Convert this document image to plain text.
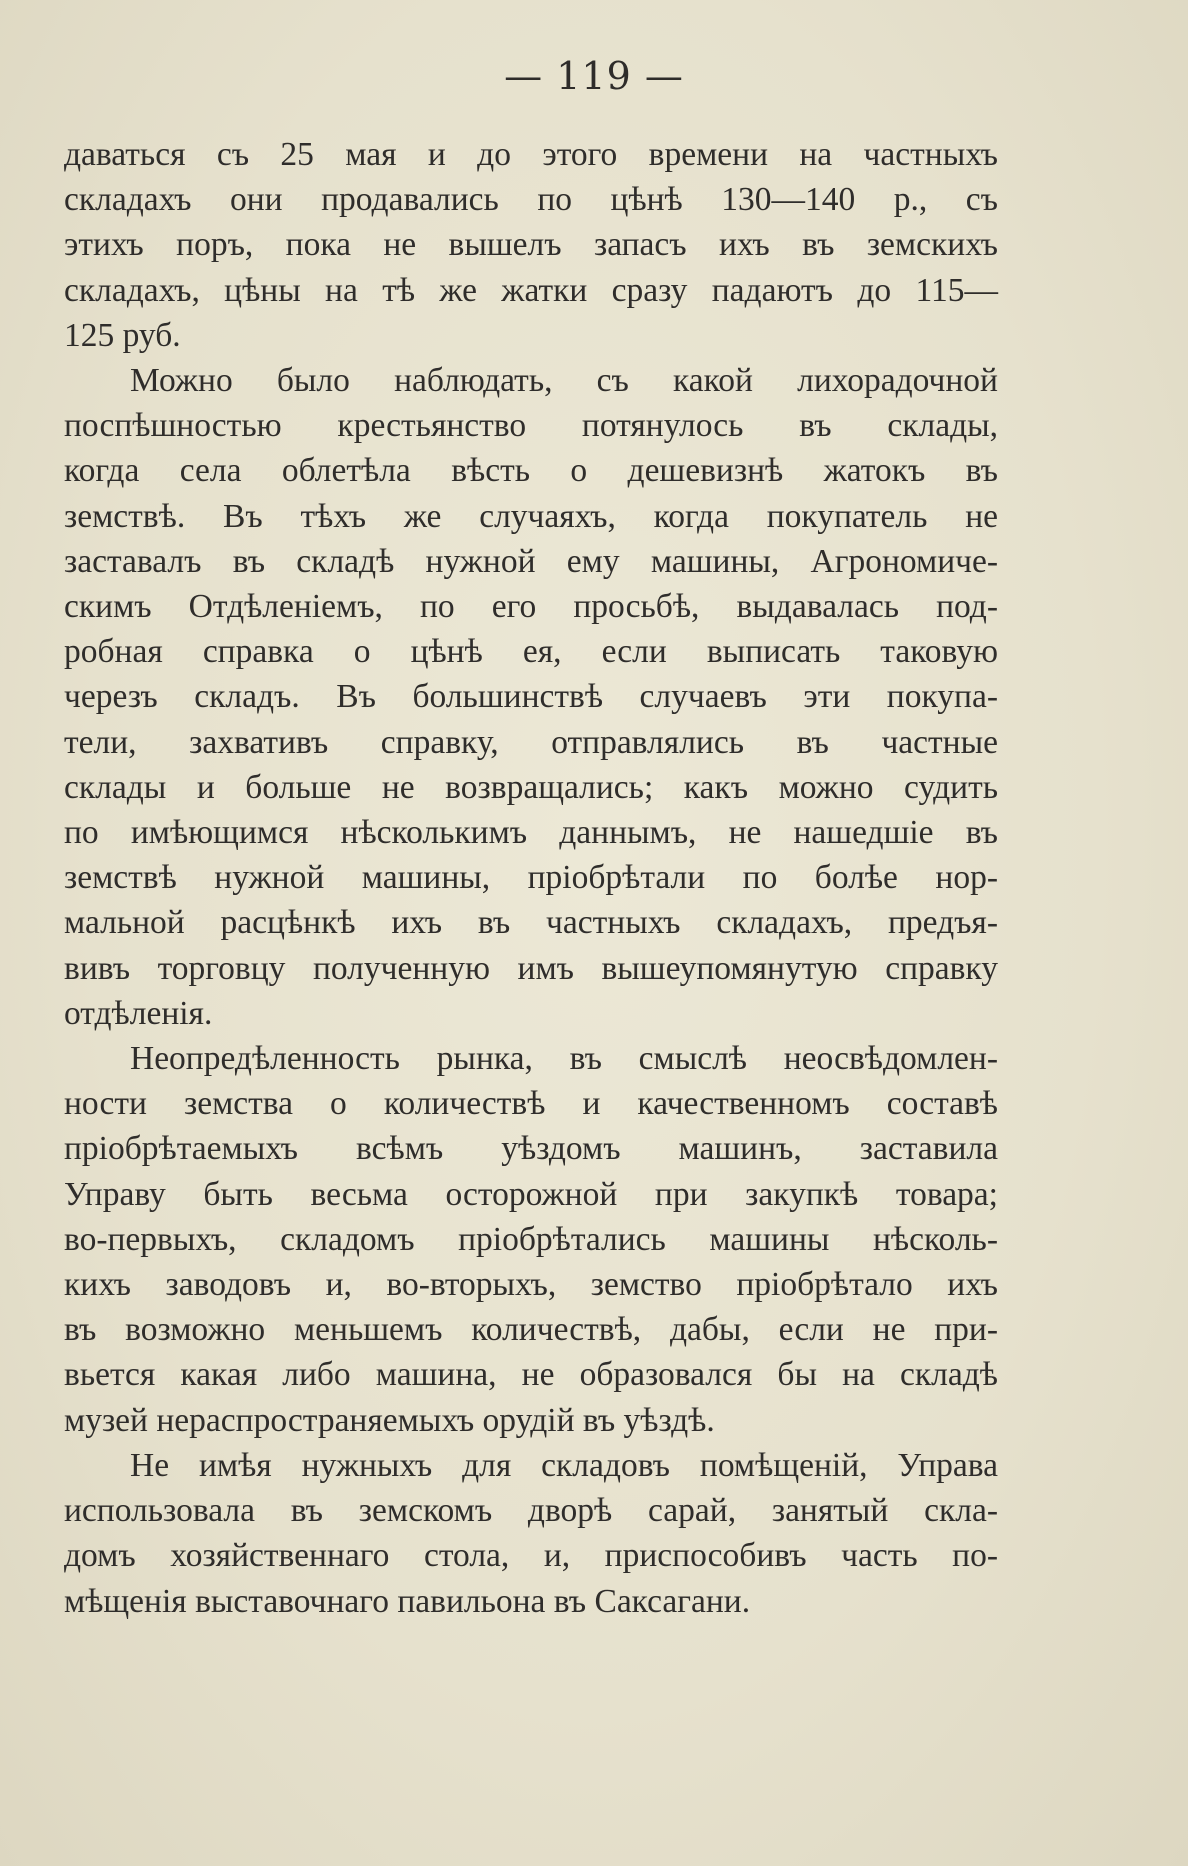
— 119 —
даваться съ 25 мая и до этого времени на частныхъ
складахъ они продавались по цѣнѣ 130—140 р., съ
этихъ поръ, пока не вышелъ запасъ ихъ въ земскихъ
складахъ, цѣны на тѣ же жатки сразу падаютъ до 115—
125 руб.
Можно было наблюдать, съ какой лихорадочной
поспѣшностью крестьянство потянулось въ склады,
когда села облетѣла вѣсть о дешевизнѣ жатокъ въ
земствѣ. Въ тѣхъ же случаяхъ, когда покупатель не
заставалъ въ складѣ нужной ему машины, Агрономиче-
скимъ Отдѣленіемъ, по его просьбѣ, выдавалась под-
робная справка о цѣнѣ ея, если выписать таковую
черезъ складъ. Въ большинствѣ случаевъ эти покупа-
тели, захвативъ справку, отправлялись въ частные
склады и больше не возвращались; какъ можно судить
по имѣющимся нѣсколькимъ даннымъ, не нашедшіе въ
земствѣ нужной машины, пріобрѣтали по болѣе нор-
мальной расцѣнкѣ ихъ въ частныхъ складахъ, предъя-
вивъ торговцу полученную имъ вышеупомянутую справку
отдѣленія.
Неопредѣленность рынка, въ смыслѣ неосвѣдомлен-
ности земства о количествѣ и качественномъ составѣ
пріобрѣтаемыхъ всѣмъ уѣздомъ машинъ, заставила
Управу быть весьма осторожной при закупкѣ товара;
во-первыхъ, складомъ пріобрѣтались машины нѣсколь-
кихъ заводовъ и, во-вторыхъ, земство пріобрѣтало ихъ
въ возможно меньшемъ количествѣ, дабы, если не при-
вьется какая либо машина, не образовался бы на складѣ
музей нераспространяемыхъ орудій въ уѣздѣ.
Не имѣя нужныхъ для складовъ помѣщеній, Управа
использовала въ земскомъ дворѣ сарай, занятый скла-
домъ хозяйственнаго стола, и, приспособивъ часть по-
мѣщенія выставочнаго павильона въ Саксагани.
